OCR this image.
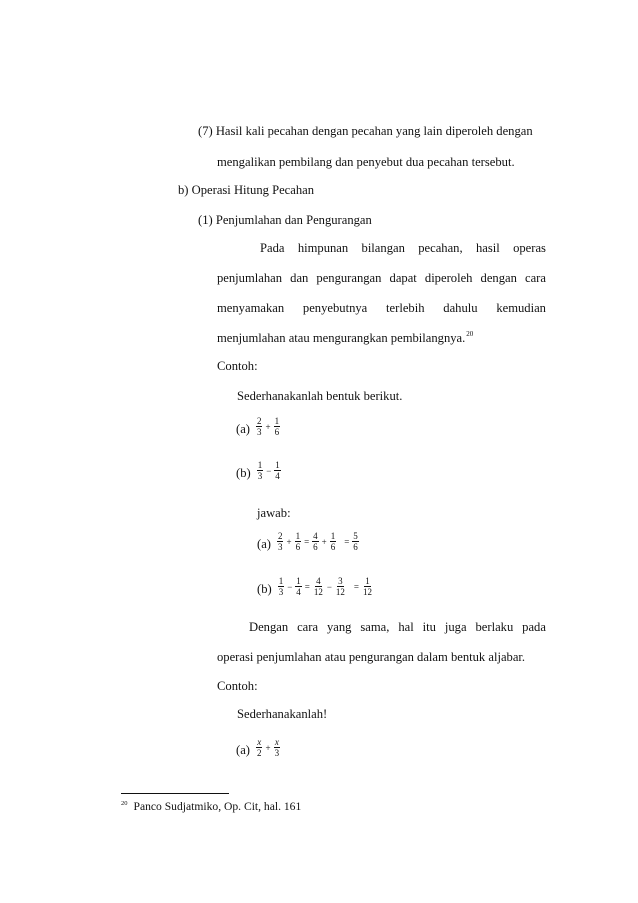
(7) Hasil kali pecahan dengan pecahan yang lain diperoleh dengan
mengalikan pembilang dan penyebut dua pecahan tersebut.
b) Operasi Hitung Pecahan
(1) Penjumlahan dan Pengurangan
Pada himpunan bilangan pecahan, hasil operas
penjumlahan dan pengurangan dapat diperoleh dengan cara
menyamakan penyebutnya terlebih dahulu kemudian
menjumlahan atau mengurangkan pembilangnya.$^{20}$
Contoh:
Sederhanakanlah bentuk berikut.
$(a) \frac{2}{3} + \frac{1}{6}$
$(b) \frac{1}{3} - \frac{1}{4}$
jawab:
$(a) \frac{2}{3} + \frac{1}{6} = \frac{4}{6} + \frac{1}{6} = \frac{5}{6}$
$(b) \frac{1}{3} - \frac{1}{4} = \frac{4}{12} - \frac{3}{12} = \frac{1}{12}$
Dengan cara yang sama, hal itu juga berlaku pada
operasi penjumlahan atau pengurangan dalam bentuk aljabar.
Contoh:
Sederhanakanlah!
$(a) \frac{x}{2} + \frac{x}{3}$
$^{20}$ Panco Sudjatmiko, Op. Cit, hal. 161
